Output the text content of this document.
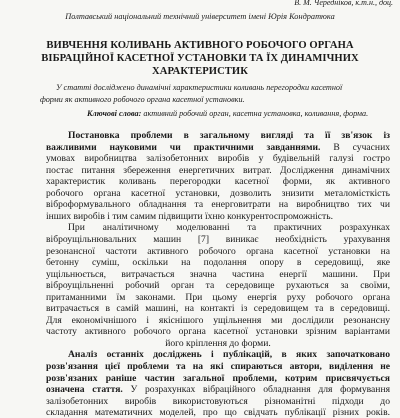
В. М. Чередніков, к.т.н., доц.
Полтавський національний технічний університет імені Юрія Кондратюка
ВИВЧЕННЯ КОЛИВАНЬ АКТИВНОГО РОБОЧОГО ОРГАНА
ВІБРАЦІЙНОЇ КАСЕТНОЇ УСТАНОВКИ ТА ЇХ ДИНАМІЧНИХ
ХАРАКТЕРИСТИК
У статті досліджено динамічні характеристики коливань перегородки касетної
форми як активного робочого органа касетної установки.
Ключові слова: активний робочий орган, касетна установка, коливання, форма.
Постановка проблеми в загальному вигляді та її зв'язок із
важливими науковими чи практичними завданнями. В сучасних
умовах виробництва залізобетонних виробів у будівельній галузі гостро
постає питання збереження енергетичних витрат. Дослідження динамічних
характеристик коливань перегородки касетної форми, як активного
робочого органа касетної установки, дозволить знизити металомісткість
віброформувального обладнання та енерговитрати на виробництво тих чи
інших виробів і тим самим підвищити їхню конкурентоспроможність.
При аналітичному моделюванні та практичних розрахунках
віброущільнювальних машин [7] виникає необхідність урахування
резонансної частоти активного робочого органа касетної установки на
бетонну суміш, оскільки на подолання опору в середовищі, яке
ущільнюється, витрачається значна частина енергії машини. При
віброущільненні робочий орган та середовище рухаються за своїми,
притаманними їм законами. При цьому енергія руху робочого органа
витрачається в самій машині, на контакті із середовищем та в середовищі.
Для економічнішого і якіснішого ущільнення ми дослідили резонансну
частоту активного робочого органа касетної установки зрізним варіантами
його кріплення до форми.
Аналіз останніх досліджень і публікацій, в яких започатковано
розв'язання цієї проблеми та на які спираються автори, виділення не
розв'язаних раніше частин загальної проблеми, котрим присвячується
означена стаття. У розрахунках вібраційного обладнання для формування
залізобетонних виробів використовуються різноманітні підходи до
складання математичних моделей, про що свідчать публікації різних років.
